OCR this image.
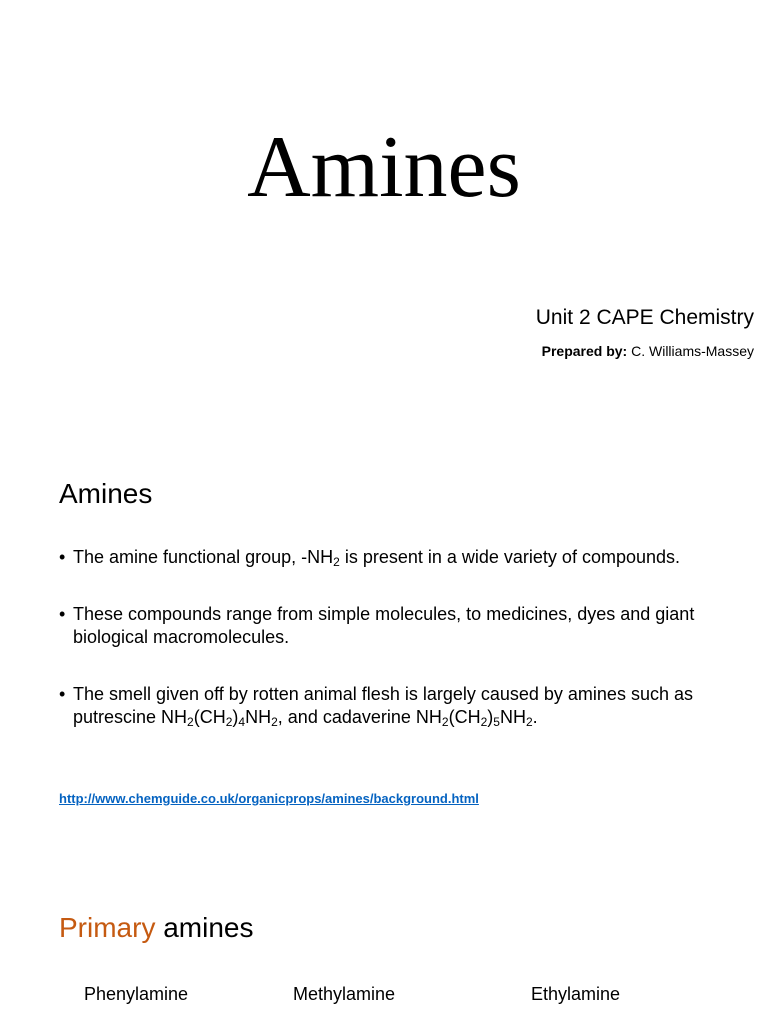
Amines
Unit 2 CAPE Chemistry
Prepared by: C. Williams-Massey
Amines
• The amine functional group, $-NH_2$ is present in a wide variety of compounds.
• These compounds range from simple molecules, to medicines, dyes and giant biological macromolecules.
• The smell given off by rotten animal flesh is largely caused by amines such as putrescine $NH_2(CH_2)_4NH_2$, and cadaverine $NH_2(CH_2)_5NH_2$.
http://www.chemguide.co.uk/organicprops/amines/background.html
Primary amines
Phenylamine	Methylamine	Ethylamine
